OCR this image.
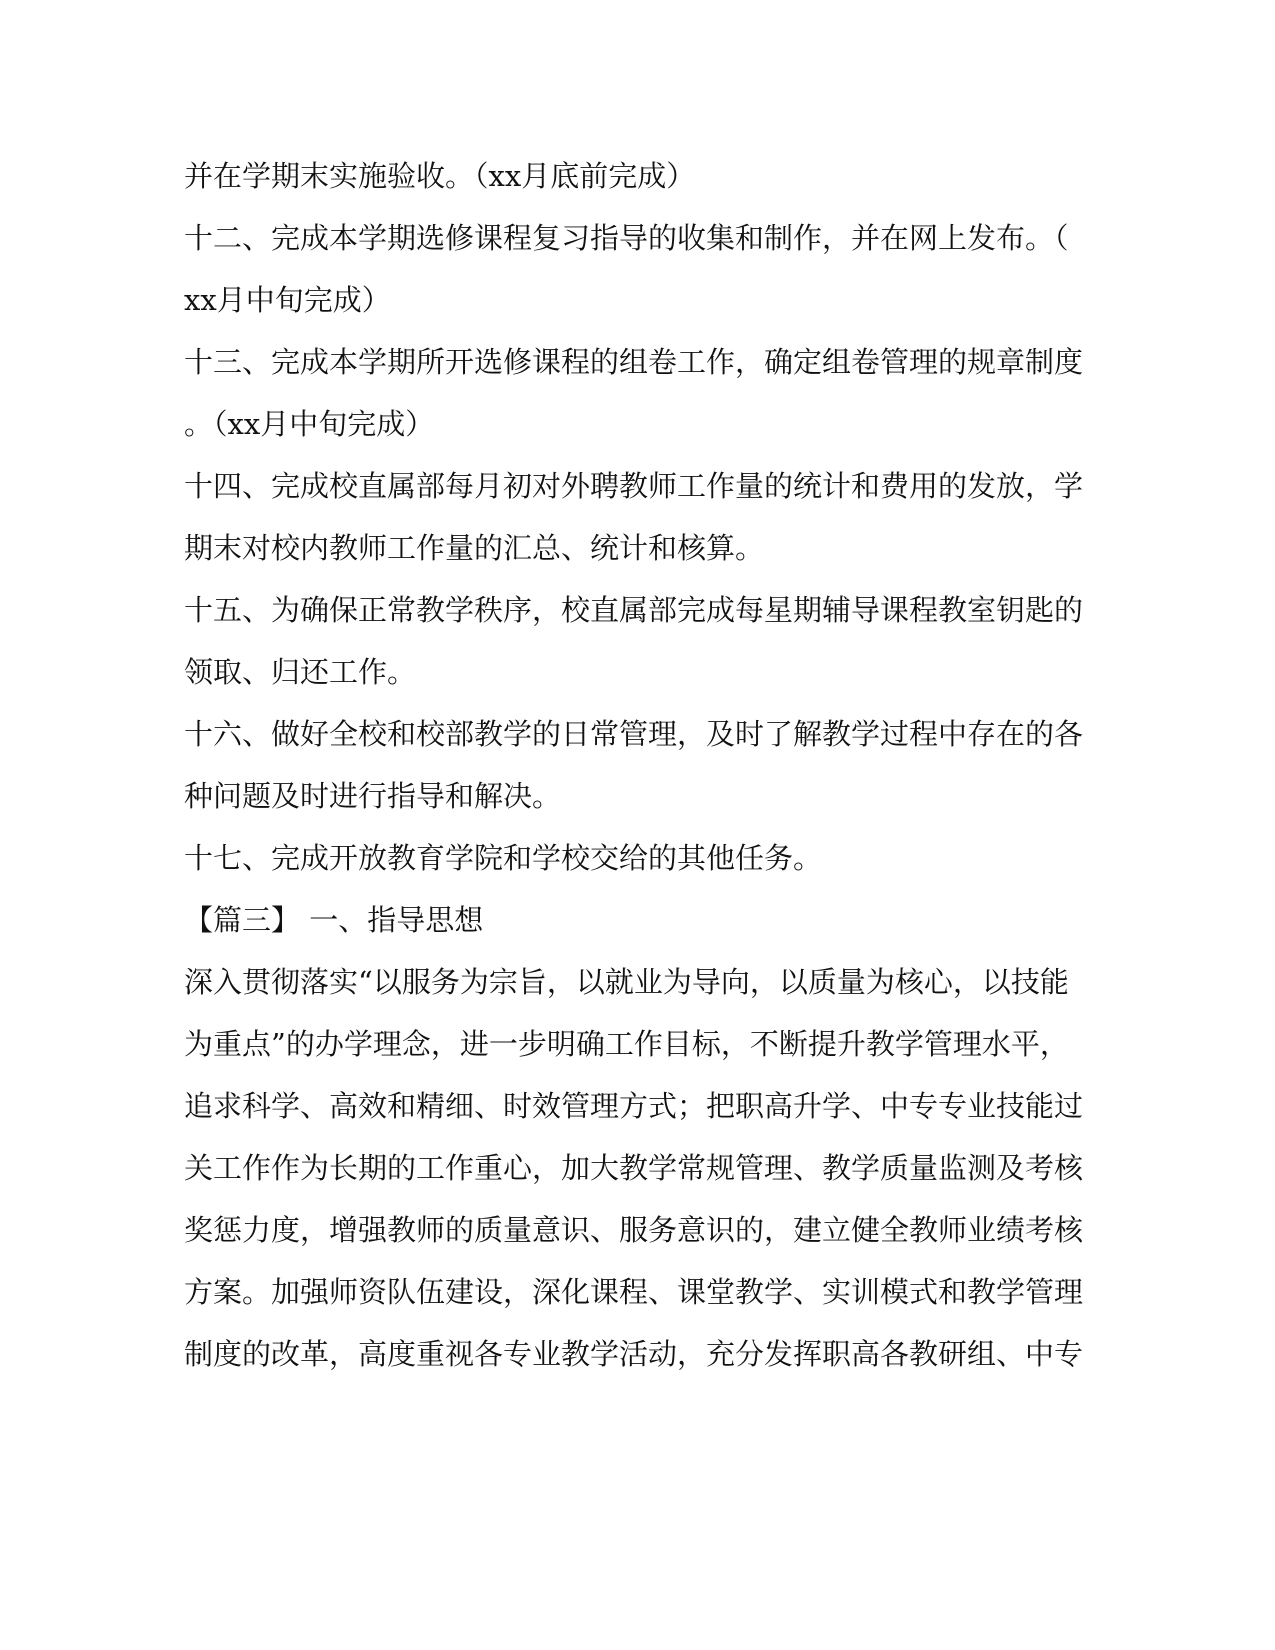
并在学期末实施验收。（xx月底前完成）
十二、完成本学期选修课程复习指导的收集和制作，并在网上发布。（
xx月中旬完成）
十三、完成本学期所开选修课程的组卷工作，确定组卷管理的规章制度
。（xx月中旬完成）
十四、完成校直属部每月初对外聘教师工作量的统计和费用的发放，学
期末对校内教师工作量的汇总、统计和核算。
十五、为确保正常教学秩序，校直属部完成每星期辅导课程教室钥匙的
领取、归还工作。
十六、做好全校和校部教学的日常管理，及时了解教学过程中存在的各
种问题及时进行指导和解决。
十七、完成开放教育学院和学校交给的其他任务。
【篇三】 一、指导思想
深入贯彻落实“以服务为宗旨，以就业为导向，以质量为核心，以技能
为重点”的办学理念，进一步明确工作目标，不断提升教学管理水平，
追求科学、高效和精细、时效管理方式；把职高升学、中专专业技能过
关工作作为长期的工作重心，加大教学常规管理、教学质量监测及考核
奖惩力度，增强教师的质量意识、服务意识的，建立健全教师业绩考核
方案。加强师资队伍建设，深化课程、课堂教学、实训模式和教学管理
制度的改革，高度重视各专业教学活动，充分发挥职高各教研组、中专
